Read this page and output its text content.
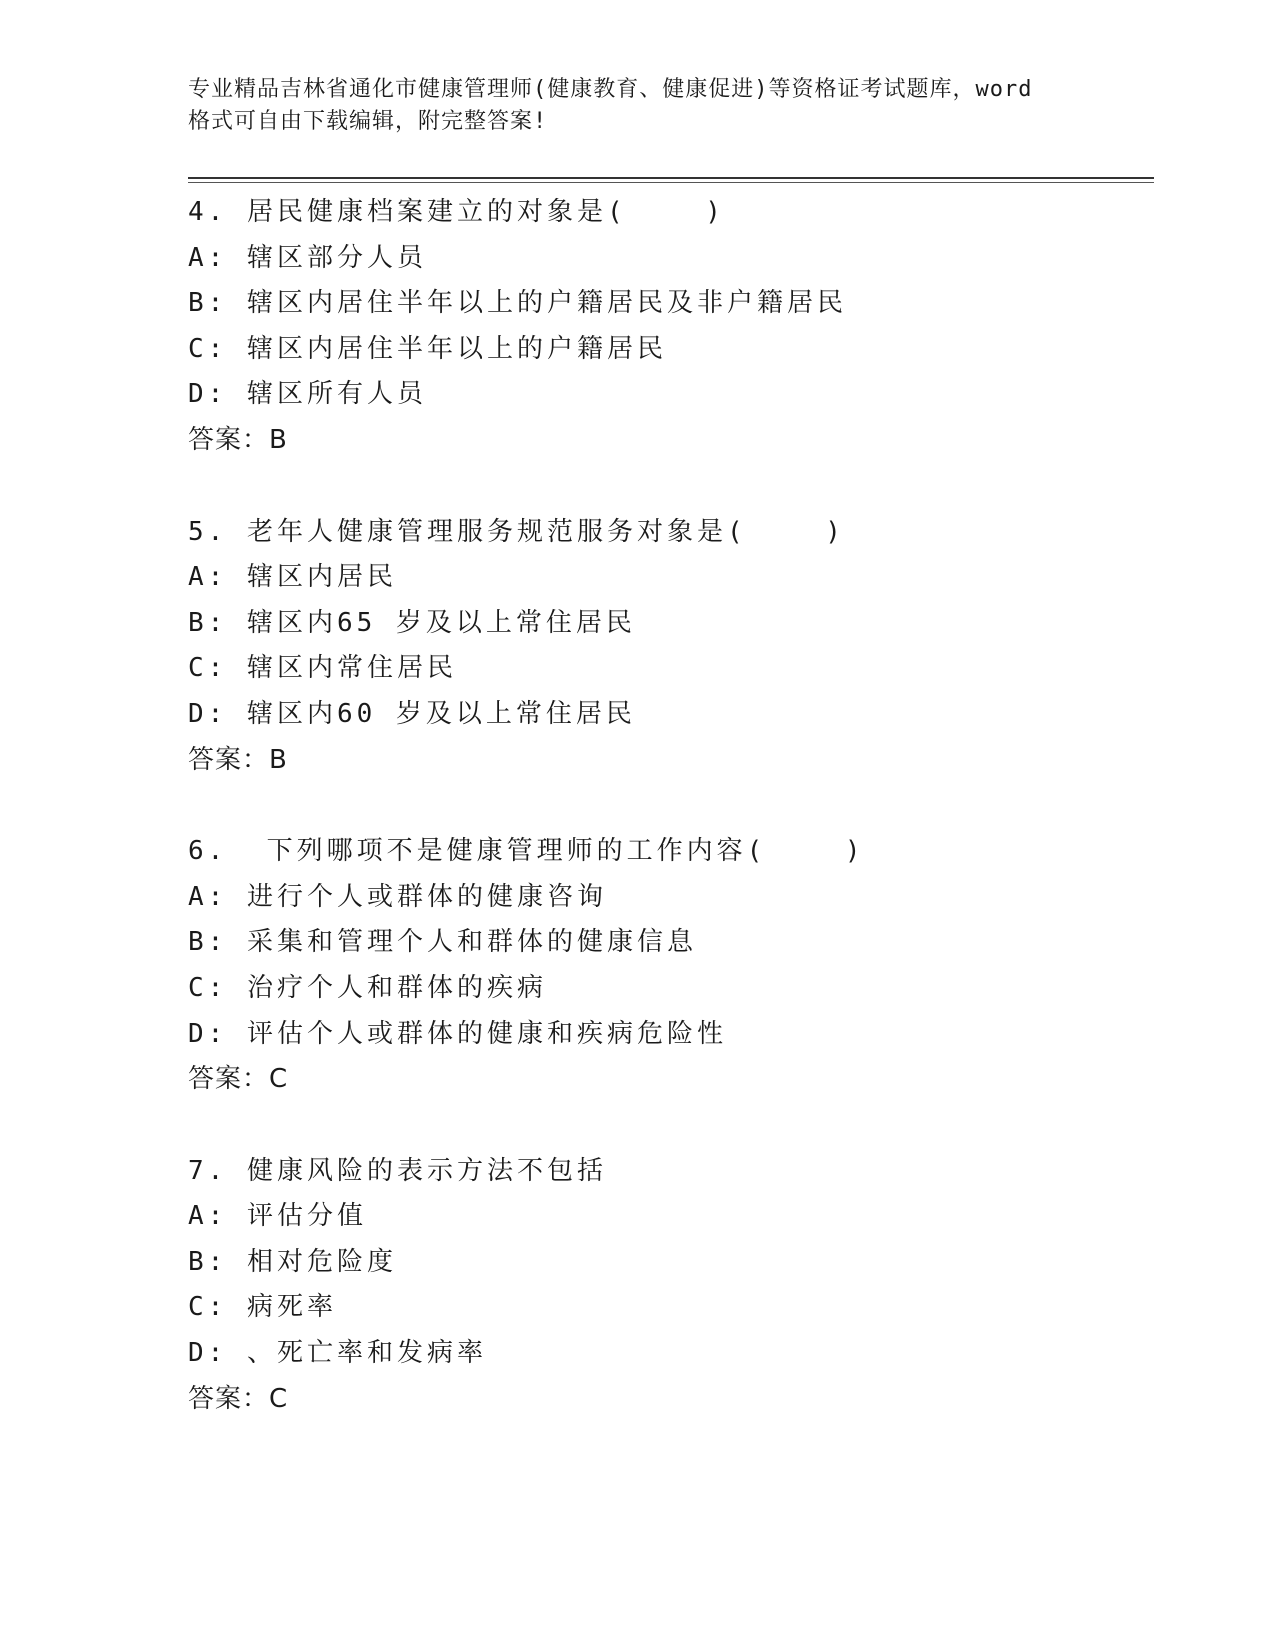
专业精品吉林省通化市健康管理师(健康教育、健康促进)等资格证考试题库，word
格式可自由下载编辑，附完整答案!
4. 居民健康档案建立的对象是(    )
A: 辖区部分人员
B: 辖区内居住半年以上的户籍居民及非户籍居民
C: 辖区内居住半年以上的户籍居民
D: 辖区所有人员
答案：B
5. 老年人健康管理服务规范服务对象是(    )
A: 辖区内居民
B: 辖区内65 岁及以上常住居民
C: 辖区内常住居民
D: 辖区内60 岁及以上常住居民
答案：B
6.  下列哪项不是健康管理师的工作内容(    )
A: 进行个人或群体的健康咨询
B: 采集和管理个人和群体的健康信息
C: 治疗个人和群体的疾病
D: 评估个人或群体的健康和疾病危险性
答案：C
7. 健康风险的表示方法不包括
A: 评估分值
B: 相对危险度
C: 病死率
D: 、死亡率和发病率
答案：C
